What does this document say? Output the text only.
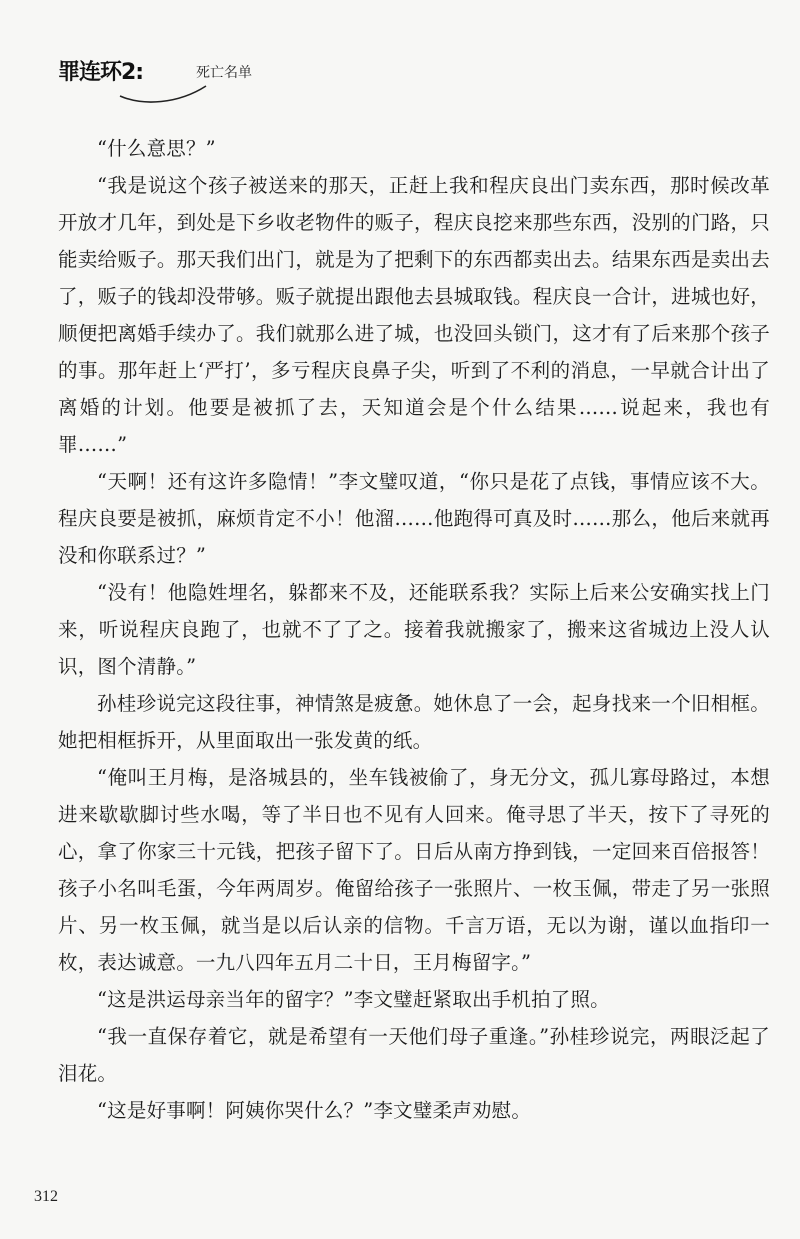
罪连环2:	死亡名单

“什么意思？”

“我是说这个孩子被送来的那天，正赶上我和程庆良出门卖东西，那时候改革开放才几年，到处是下乡收老物件的贩子，程庆良挖来那些东西，没别的门路，只能卖给贩子。那天我们出门，就是为了把剩下的东西都卖出去。结果东西是卖出去了，贩子的钱却没带够。贩子就提出跟他去县城取钱。程庆良一合计，进城也好，顺便把离婚手续办了。我们就那么进了城，也没回头锁门，这才有了后来那个孩子的事。那年赶上‘严打’，多亏程庆良鼻子尖，听到了不利的消息，一早就合计出了离婚的计划。他要是被抓了去，天知道会是个什么结果……说起来，我也有罪……”

“天啊！还有这许多隐情！”李文璧叹道，“你只是花了点钱，事情应该不大。程庆良要是被抓，麻烦肯定不小！他溜……他跑得可真及时……那么，他后来就再没和你联系过？”

“没有！他隐姓埋名，躲都来不及，还能联系我？实际上后来公安确实找上门来，听说程庆良跑了，也就不了了之。接着我就搬家了，搬来这省城边上没人认识，图个清静。”

孙桂珍说完这段往事，神情煞是疲惫。她休息了一会，起身找来一个旧相框。她把相框拆开，从里面取出一张发黄的纸。

“俺叫王月梅，是洛城县的，坐车钱被偷了，身无分文，孤儿寡母路过，本想进来歇歇脚讨些水喝，等了半日也不见有人回来。俺寻思了半天，按下了寻死的心，拿了你家三十元钱，把孩子留下了。日后从南方挣到钱，一定回来百倍报答！孩子小名叫毛蛋，今年两周岁。俺留给孩子一张照片、一枚玉佩，带走了另一张照片、另一枚玉佩，就当是以后认亲的信物。千言万语，无以为谢，谨以血指印一枚，表达诚意。一九八四年五月二十日，王月梅留字。”

“这是洪运母亲当年的留字？”李文璧赶紧取出手机拍了照。

“我一直保存着它，就是希望有一天他们母子重逢。”孙桂珍说完，两眼泛起了泪花。

“这是好事啊！阿姨你哭什么？”李文璧柔声劝慰。

312
